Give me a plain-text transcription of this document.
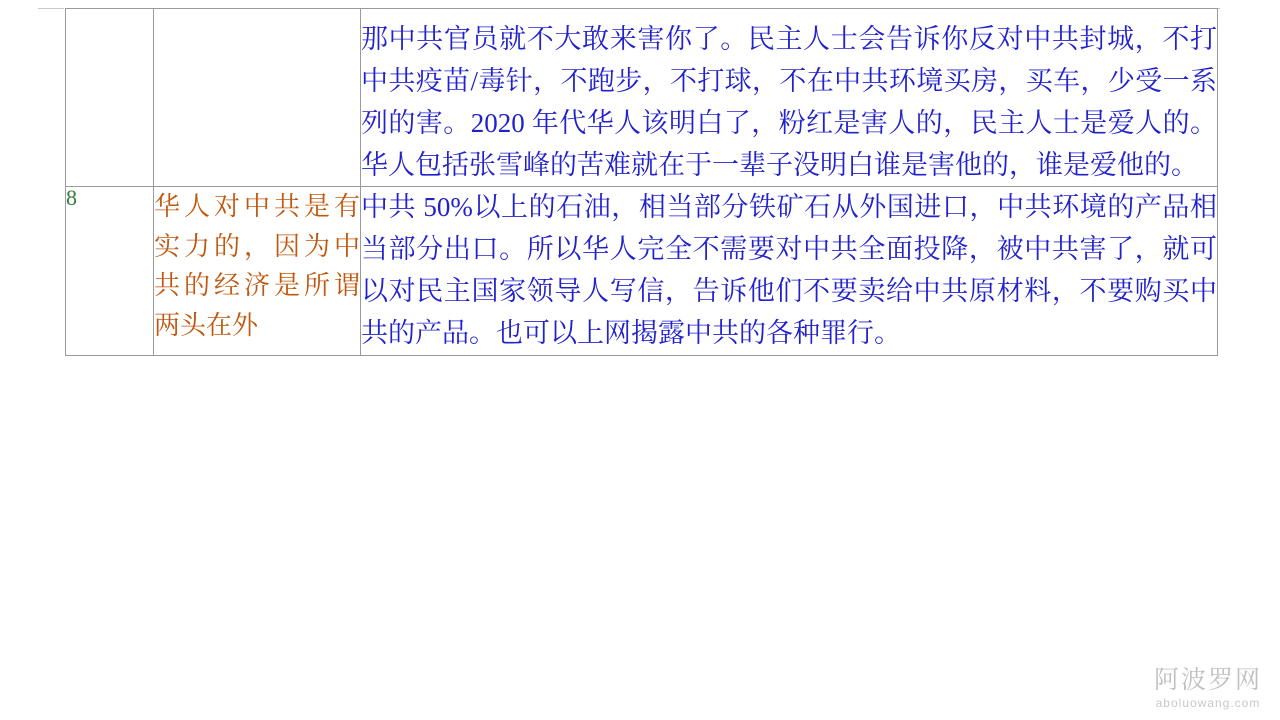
		那中共官员就不大敢来害你了。民主人士会告诉你反对中共封城，不打中共疫苗/毒针，不跑步，不打球，不在中共环境买房，买车，少受一系列的害。2020 年代华人该明白了，粉红是害人的，民主人士是爱人的。华人包括张雪峰的苦难就在于一辈子没明白谁是害他的，谁是爱他的。
8	华人对中共是有实力的，因为中共的经济是所谓两头在外	中共 50%以上的石油，相当部分铁矿石从外国进口，中共环境的产品相当部分出口。所以华人完全不需要对中共全面投降，被中共害了，就可以对民主国家领导人写信，告诉他们不要卖给中共原材料，不要购买中共的产品。也可以上网揭露中共的各种罪行。
阿波罗网
aboluowang.com
